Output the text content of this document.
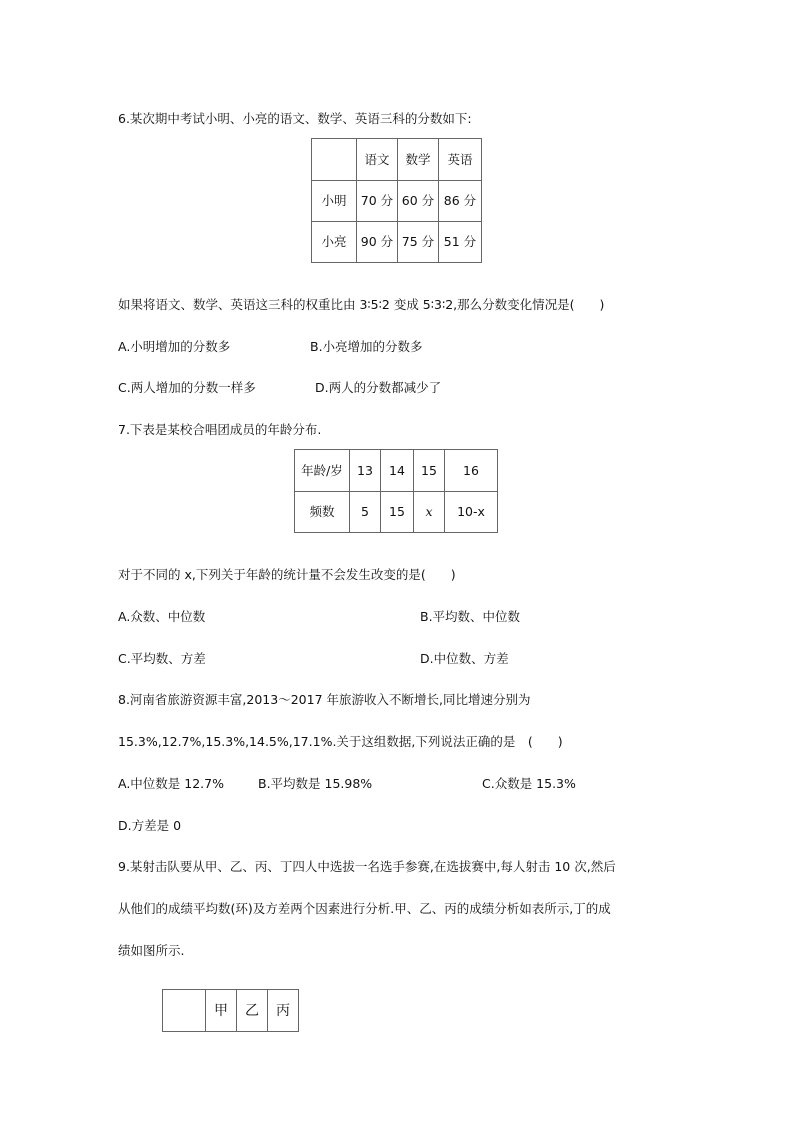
6.某次期中考试小明、小亮的语文、数学、英语三科的分数如下:
	语文	数学	英语
小明	70 分	60 分	86 分
小亮	90 分	75 分	51 分
如果将语文、数学、英语这三科的权重比由 3∶5∶2 变成 5∶3∶2,那么分数变化情况是(　　)
A.小明增加的分数多	B.小亮增加的分数多
C.两人增加的分数一样多	D.两人的分数都减少了
7.下表是某校合唱团成员的年龄分布.
年龄/岁	13	14	15	16
频数	5	15	x	10-x
对于不同的 x,下列关于年龄的统计量不会发生改变的是(　　)
A.众数、中位数	B.平均数、中位数
C.平均数、方差	D.中位数、方差
8.河南省旅游资源丰富,2013〜2017 年旅游收入不断增长,同比增速分别为
15.3%,12.7%,15.3%,14.5%,17.1%.关于这组数据,下列说法正确的是　(　　)
A.中位数是 12.7%	B.平均数是 15.98%	C.众数是 15.3%
D.方差是 0
9.某射击队要从甲、乙、丙、丁四人中选拔一名选手参赛,在选拔赛中,每人射击 10 次,然后
从他们的成绩平均数(环)及方差两个因素进行分析.甲、乙、丙的成绩分析如表所示,丁的成
绩如图所示.
	甲	乙	丙
